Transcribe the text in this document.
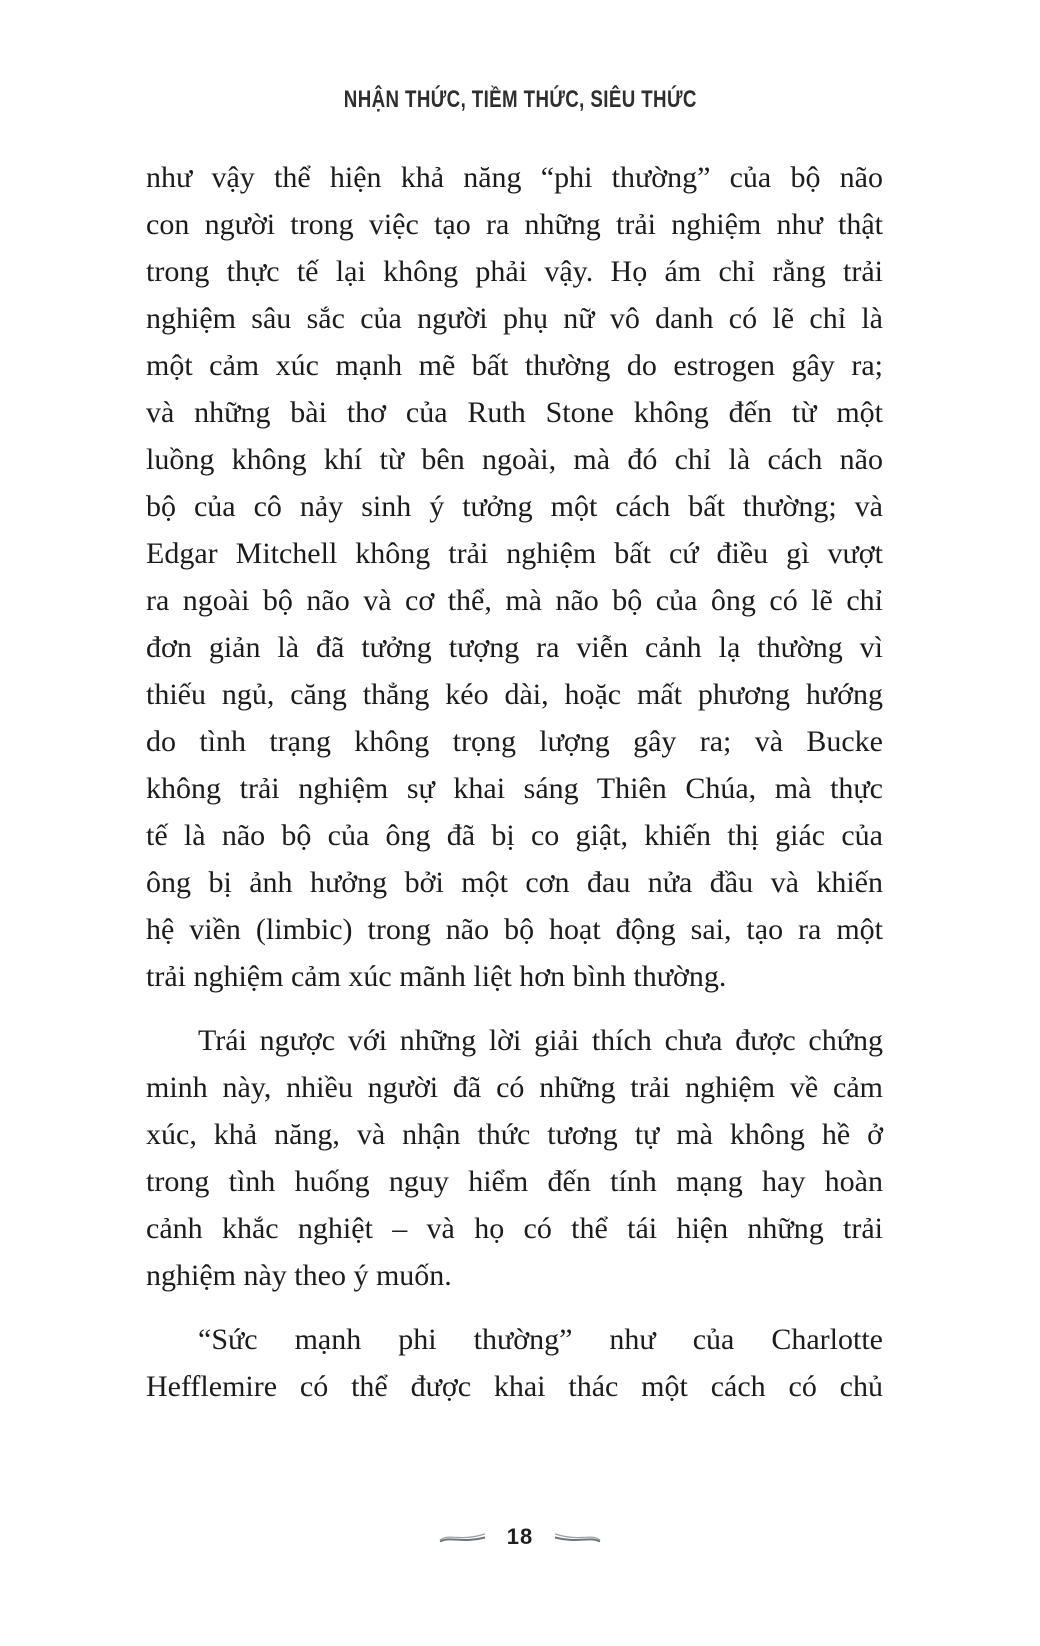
NHẬN THỨC, TIỀM THỨC, SIÊU THỨC
như vậy thể hiện khả năng “phi thường” của bộ não
con người trong việc tạo ra những trải nghiệm như thật
trong thực tế lại không phải vậy. Họ ám chỉ rằng trải
nghiệm sâu sắc của người phụ nữ vô danh có lẽ chỉ là
một cảm xúc mạnh mẽ bất thường do estrogen gây ra;
và những bài thơ của Ruth Stone không đến từ một
luồng không khí từ bên ngoài, mà đó chỉ là cách não
bộ của cô nảy sinh ý tưởng một cách bất thường; và
Edgar Mitchell không trải nghiệm bất cứ điều gì vượt
ra ngoài bộ não và cơ thể, mà não bộ của ông có lẽ chỉ
đơn giản là đã tưởng tượng ra viễn cảnh lạ thường vì
thiếu ngủ, căng thẳng kéo dài, hoặc mất phương hướng
do tình trạng không trọng lượng gây ra; và Bucke
không trải nghiệm sự khai sáng Thiên Chúa, mà thực
tế là não bộ của ông đã bị co giật, khiến thị giác của
ông bị ảnh hưởng bởi một cơn đau nửa đầu và khiến
hệ viền (limbic) trong não bộ hoạt động sai, tạo ra một
trải nghiệm cảm xúc mãnh liệt hơn bình thường.
Trái ngược với những lời giải thích chưa được chứng
minh này, nhiều người đã có những trải nghiệm về cảm
xúc, khả năng, và nhận thức tương tự mà không hề ở
trong tình huống nguy hiểm đến tính mạng hay hoàn
cảnh khắc nghiệt – và họ có thể tái hiện những trải
nghiệm này theo ý muốn.
“Sức mạnh phi thường” như của Charlotte
Hefflemire có thể được khai thác một cách có chủ
18
